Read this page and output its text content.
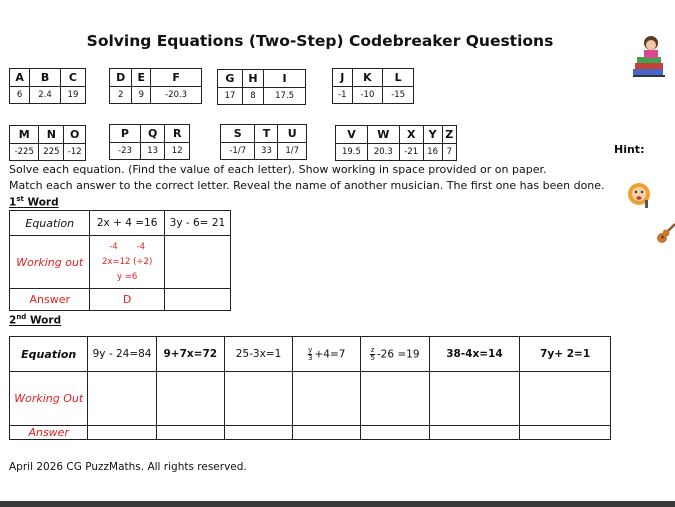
Solving Equations (Two-Step) Codebreaker Questions
A	B	C
6	2.4	19
D	E	F
2	9	-20.3
G	H	I
17	8	17.5
J	K	L
-1	-10	-15
M	N	O
-225	225	-12
P	Q	R
-23	13	12
S	T	U
-1/7	33	1/7
V	W	X	Y	Z
19.5	20.3	-21	16	7	Hint:
Solve each equation. (Find the value of each letter). Show working in space provided or on paper.
Match each answer to the correct letter. Reveal the name of another musician. The first one has been done.
1st Word
Equation	2x + 4 =16	3y - 6= 21
Working out	-4       -4
2x=12 (÷2)
y =6	

Answer	D	
2nd Word
Equation	9y - 24=84	9+7x=72	25-3x=1	$\frac{y}{3} +4=7$	$\frac{z}{5} -26 =19$	38-4x=14	7y+ 2=1
Working Out							
Answer							
April 2026 CG PuzzMaths. All rights reserved.
